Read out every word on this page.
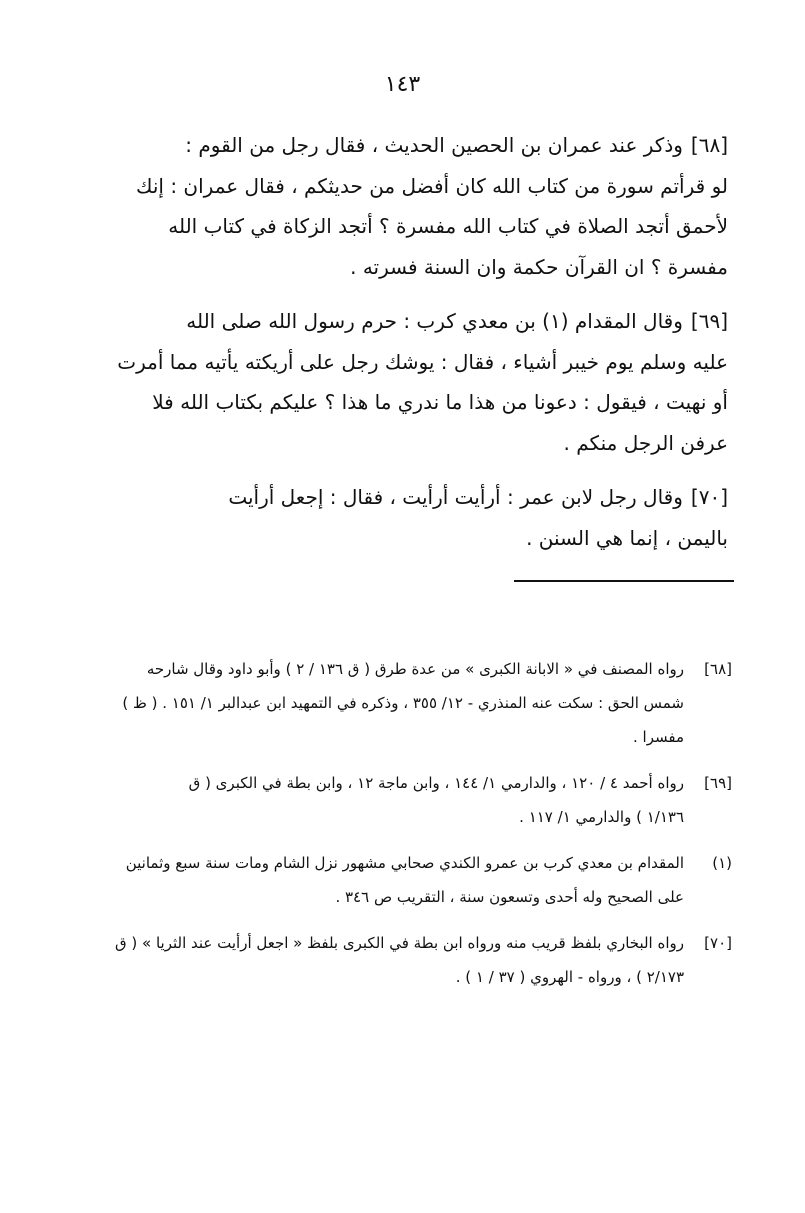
١٤٣
[٦٨]وذكر عند عمران بن الحصين الحديث ، فقال رجل من القوم :
لو قرأتم سورة من كتاب الله كان أفضل من حديثكم ، فقال عمران : إنك
لأحمق أتجد الصلاة في كتاب الله مفسرة ؟ أتجد الزكاة في كتاب الله
مفسرة ؟ ان القرآن حكمة وان السنة فسرته .
[٦٩]وقال المقدام (١) بن معدي كرب : حرم رسول الله صلى الله
عليه وسلم يوم خيبر أشياء ، فقال : يوشك رجل على أريكته يأتيه مما أمرت
أو نهيت ، فيقول : دعونا من هذا ما ندري ما هذا ؟ عليكم بكتاب الله فلا
عرفن الرجل منكم .
[٧٠]وقال رجل لابن عمر : أرأيت أرأيت ، فقال : إجعل أرأيت
باليمن ، إنما هي السنن .
[٦٨]
رواه المصنف في « الابانة الكبرى » من عدة طرق ( ق ١٣٦ / ٢ ) وأبو داود وقال شارحه
شمس الحق : سكت عنه المنذري - ١٢/ ٣٥٥ ، وذكره في التمهيد ابن عبدالبر ١/ ١٥١ . ( ظ )
مفسرا .
[٦٩]
رواه أحمد ٤ / ١٢٠ ، والدارمي ١/ ١٤٤ ، وابن ماجة ١٢ ، وابن بطة في الكبرى ( ق
١/١٣٦ ) والدارمي ١/ ١١٧ .
(١)
المقدام بن معدي كرب بن عمرو الكندي صحابي مشهور نزل الشام ومات سنة سبع وثمانين
على الصحيح وله أحدى وتسعون سنة ، التقريب ص ٣٤٦ .
[٧٠]
رواه البخاري بلفظ قريب منه ورواه ابن بطة في الكبرى بلفظ « اجعل أرأيت عند الثريا » ( ق
٢/١٧٣ ) ، ورواه - الهروي ( ٣٧ / ١ ) .
